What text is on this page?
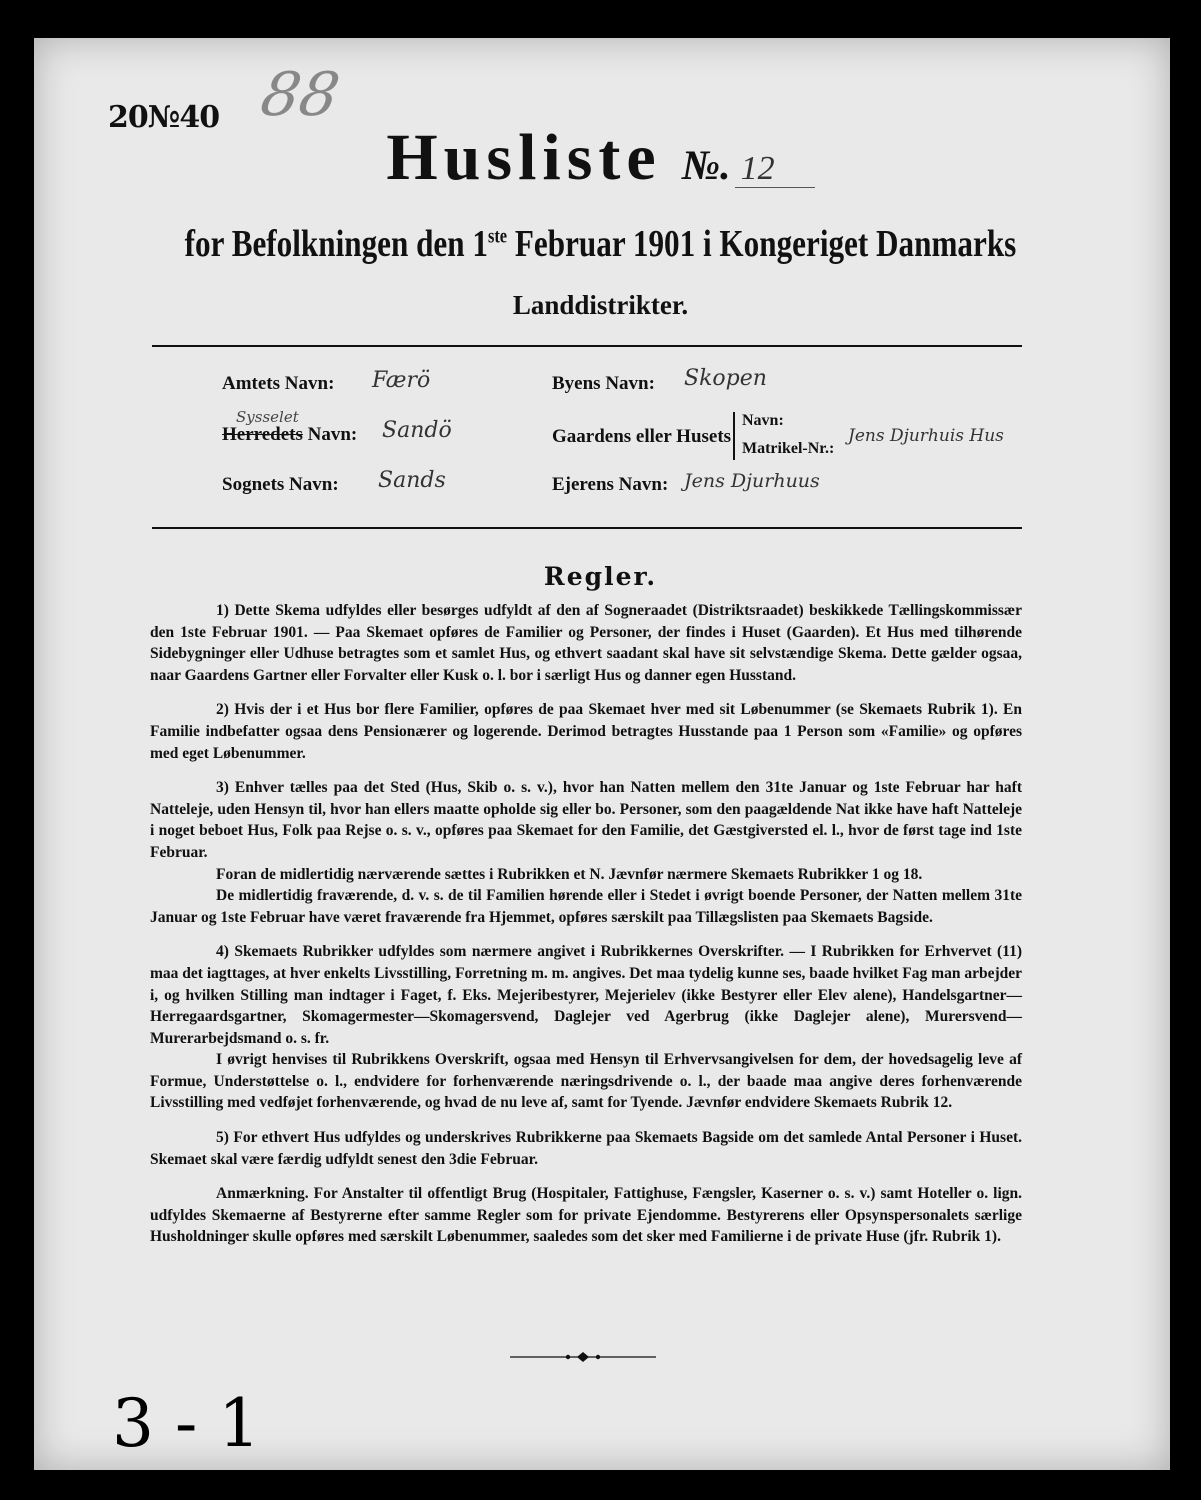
20№40 88
Husliste №. 12
for Befolkningen den 1ste Februar 1901 i Kongeriget Danmarks
Landdistrikter.
Amtets Navn: Færö
Sysselet
Herredets Navn: Sandö
Sognets Navn: Sands
Byens Navn: Skopen
Gaardens eller Husets
Navn:
Matrikel-Nr.:
Jens Djurhuis Hus
Ejerens Navn: Jens Djurhuus
Regler.

1) Dette Skema udfyldes eller besørges udfyldt af den af Sogneraadet (Distriktsraadet) beskikkede Tællingskommissær den 1ste Februar 1901. — Paa Skemaet opføres de Familier og Personer, der findes i Huset (Gaarden). Et Hus med tilhørende Sidebygninger eller Udhuse betragtes som et samlet Hus, og ethvert saadant skal have sit selvstændige Skema. Dette gælder ogsaa, naar Gaardens Gartner eller Forvalter eller Kusk o. l. bor i særligt Hus og danner egen Husstand.

2) Hvis der i et Hus bor flere Familier, opføres de paa Skemaet hver med sit Løbenummer (se Skemaets Rubrik 1). En Familie indbefatter ogsaa dens Pensionærer og logerende. Derimod betragtes Husstande paa 1 Person som «Familie» og opføres med eget Løbenummer.

3) Enhver tælles paa det Sted (Hus, Skib o. s. v.), hvor han Natten mellem den 31te Januar og 1ste Februar har haft Natteleje, uden Hensyn til, hvor han ellers maatte opholde sig eller bo. Personer, som den paagældende Nat ikke have haft Natteleje i noget beboet Hus, Folk paa Rejse o. s. v., opføres paa Skemaet for den Familie, det Gæstgiversted el. l., hvor de først tage ind 1ste Februar.

Foran de midlertidig nærværende sættes i Rubrikken et N. Jævnfør nærmere Skemaets Rubrikker 1 og 18.

De midlertidig fraværende, d. v. s. de til Familien hørende eller i Stedet i øvrigt boende Personer, der Natten mellem 31te Januar og 1ste Februar have været fraværende fra Hjemmet, opføres særskilt paa Tillægslisten paa Skemaets Bagside.

4) Skemaets Rubrikker udfyldes som nærmere angivet i Rubrikkernes Overskrifter. — I Rubrikken for Erhvervet (11) maa det iagttages, at hver enkelts Livsstilling, Forretning m. m. angives. Det maa tydelig kunne ses, baade hvilket Fag man arbejder i, og hvilken Stilling man indtager i Faget, f. Eks. Mejeribestyrer, Mejerielev (ikke Bestyrer eller Elev alene), Handelsgartner—Herregaardsgartner, Skomagermester—Skomagersvend, Daglejer ved Agerbrug (ikke Daglejer alene), Murersvend—Murerarbejdsmand o. s. fr.

I øvrigt henvises til Rubrikkens Overskrift, ogsaa med Hensyn til Erhvervsangivelsen for dem, der hovedsagelig leve af Formue, Understøttelse o. l., endvidere for forhenværende næringsdrivende o. l., der baade maa angive deres forhenværende Livsstilling med vedføjet forhenværende, og hvad de nu leve af, samt for Tyende. Jævnfør endvidere Skemaets Rubrik 12.

5) For ethvert Hus udfyldes og underskrives Rubrikkerne paa Skemaets Bagside om det samlede Antal Personer i Huset. Skemaet skal være færdig udfyldt senest den 3die Februar.

Anmærkning. For Anstalter til offentligt Brug (Hospitaler, Fattighuse, Fængsler, Kaserner o. s. v.) samt Hoteller o. lign. udfyldes Skemaerne af Bestyrerne efter samme Regler som for private Ejendomme. Bestyrerens eller Opsynspersonalets særlige Husholdninger skulle opføres med særskilt Løbenummer, saaledes som det sker med Familierne i de private Huse (jfr. Rubrik 1).

3 - 1
